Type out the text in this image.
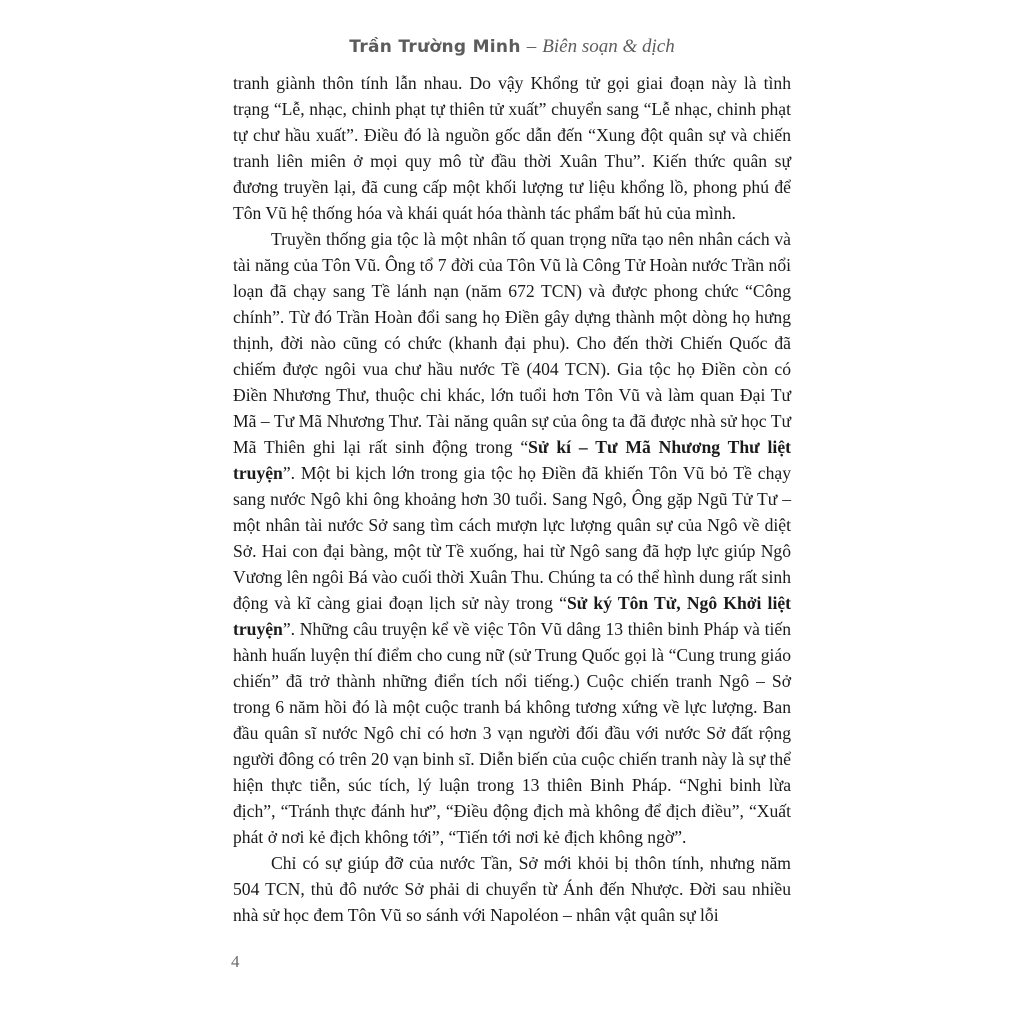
Trần Trường Minh – Biên soạn & dịch

tranh giành thôn tính lẫn nhau. Do vậy Khổng tử gọi giai đoạn này là tình trạng “Lễ, nhạc, chinh phạt tự thiên tử xuất” chuyển sang “Lễ nhạc, chinh phạt tự chư hầu xuất”. Điều đó là nguồn gốc dẫn đến “Xung đột quân sự và chiến tranh liên miên ở mọi quy mô từ đầu thời Xuân Thu”. Kiến thức quân sự đương truyền lại, đã cung cấp một khối lượng tư liệu khổng lồ, phong phú để Tôn Vũ hệ thống hóa và khái quát hóa thành tác phẩm bất hủ của mình.

Truyền thống gia tộc là một nhân tố quan trọng nữa tạo nên nhân cách và tài năng của Tôn Vũ. Ông tổ 7 đời của Tôn Vũ là Công Tử Hoàn nước Trần nổi loạn đã chạy sang Tề lánh nạn (năm 672 TCN) và được phong chức “Công chính”. Từ đó Trần Hoàn đổi sang họ Điền gây dựng thành một dòng họ hưng thịnh, đời nào cũng có chức (khanh đại phu). Cho đến thời Chiến Quốc đã chiếm được ngôi vua chư hầu nước Tề (404 TCN). Gia tộc họ Điền còn có Điền Nhương Thư, thuộc chi khác, lớn tuổi hơn Tôn Vũ và làm quan Đại Tư Mã – Tư Mã Nhương Thư. Tài năng quân sự của ông ta đã được nhà sử học Tư Mã Thiên ghi lại rất sinh động trong “Sử kí – Tư Mã Nhương Thư liệt truyện”. Một bi kịch lớn trong gia tộc họ Điền đã khiến Tôn Vũ bỏ Tề chạy sang nước Ngô khi ông khoảng hơn 30 tuổi. Sang Ngô, Ông gặp Ngũ Tử Tư – một nhân tài nước Sở sang tìm cách mượn lực lượng quân sự của Ngô về diệt Sở. Hai con đại bàng, một từ Tề xuống, hai từ Ngô sang đã hợp lực giúp Ngô Vương lên ngôi Bá vào cuối thời Xuân Thu. Chúng ta có thể hình dung rất sinh động và kĩ càng giai đoạn lịch sử này trong “Sử ký Tôn Tử, Ngô Khởi liệt truyện”. Những câu truyện kể về việc Tôn Vũ dâng 13 thiên binh Pháp và tiến hành huấn luyện thí điểm cho cung nữ (sử Trung Quốc gọi là “Cung trung giáo chiến” đã trở thành những điển tích nổi tiếng.) Cuộc chiến tranh Ngô – Sở trong 6 năm hồi đó là một cuộc tranh bá không tương xứng về lực lượng. Ban đầu quân sĩ nước Ngô chỉ có hơn 3 vạn người đối đầu với nước Sở đất rộng người đông có trên 20 vạn binh sĩ. Diễn biến của cuộc chiến tranh này là sự thể hiện thực tiễn, súc tích, lý luận trong 13 thiên Binh Pháp. “Nghi binh lừa địch”, “Tránh thực đánh hư”, “Điều động địch mà không để địch điều”, “Xuất phát ở nơi kẻ địch không tới”, “Tiến tới nơi kẻ địch không ngờ”.

Chỉ có sự giúp đỡ của nước Tần, Sở mới khỏi bị thôn tính, nhưng năm 504 TCN, thủ đô nước Sở phải di chuyển từ Ánh đến Nhược. Đời sau nhiều nhà sử học đem Tôn Vũ so sánh với Napoléon – nhân vật quân sự lỗi

4
